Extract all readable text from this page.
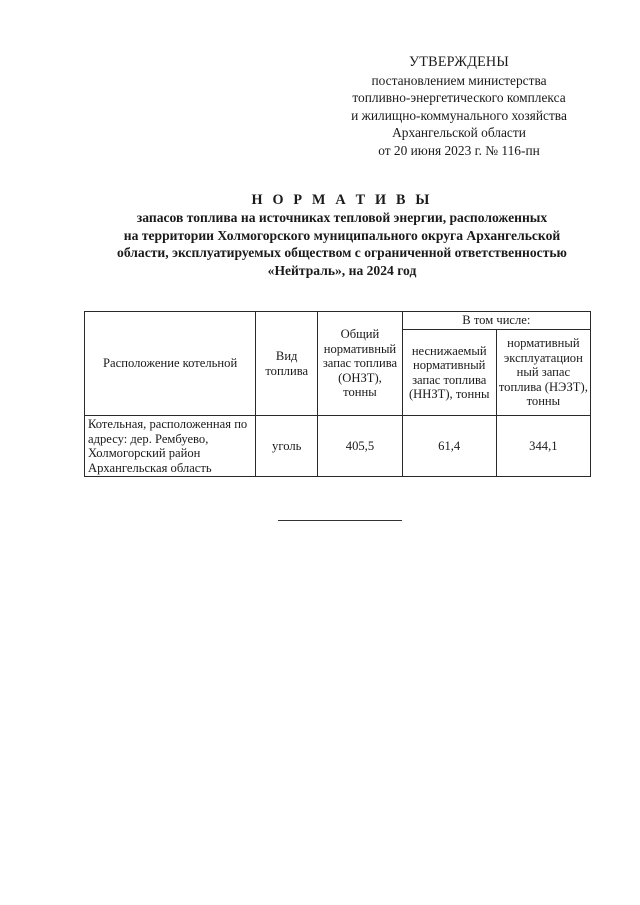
УТВЕРЖДЕНЫ
постановлением министерства
топливно-энергетического комплекса
и жилищно-коммунального хозяйства
Архангельской области
от 20 июня 2023 г. № 116-пн
Н О Р М А Т И В Ы
запасов топлива на источниках тепловой энергии, расположенных
на территории Холмогорского муниципального округа Архангельской
области, эксплуатируемых обществом с ограниченной ответственностью
«Нейтраль», на 2024 год
Расположение котельной	Вид топлива	Общий нормативный запас топлива (ОНЗТ), тонны	В том числе:	
			неснижаемый нормативный запас топлива (ННЗТ), тонны	нормативный эксплуатацион ный запас топлива (НЭЗТ), тонны
Котельная, расположенная по адресу: дер. Рембуево, Холмогорский район Архангельская область	уголь	405,5	61,4	344,1
